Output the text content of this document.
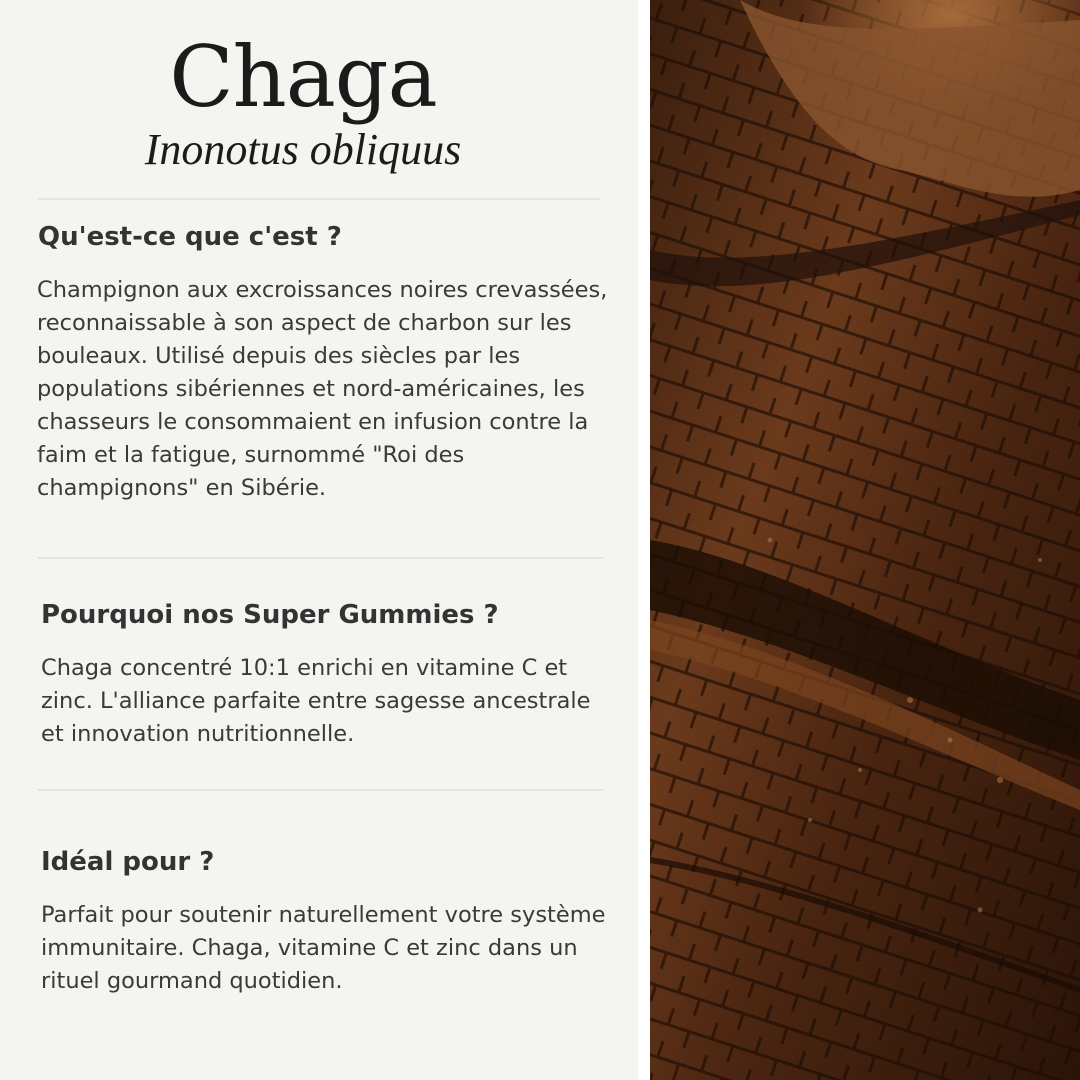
Chaga
Inonotus obliquus
Qu'est-ce que c'est ?
Champignon aux excroissances noires crevassées, reconnaissable à son aspect de charbon sur les bouleaux. Utilisé depuis des siècles par les populations sibériennes et nord-américaines, les chasseurs le consommaient en infusion contre la faim et la fatigue, surnommé "Roi des champignons" en Sibérie.
Pourquoi nos Super Gummies ?
Chaga concentré 10:1 enrichi en vitamine C et zinc. L'alliance parfaite entre sagesse ancestrale et innovation nutritionnelle.
Idéal pour ?
Parfait pour soutenir naturellement votre système immunitaire. Chaga, vitamine C et zinc dans un rituel gourmand quotidien.
